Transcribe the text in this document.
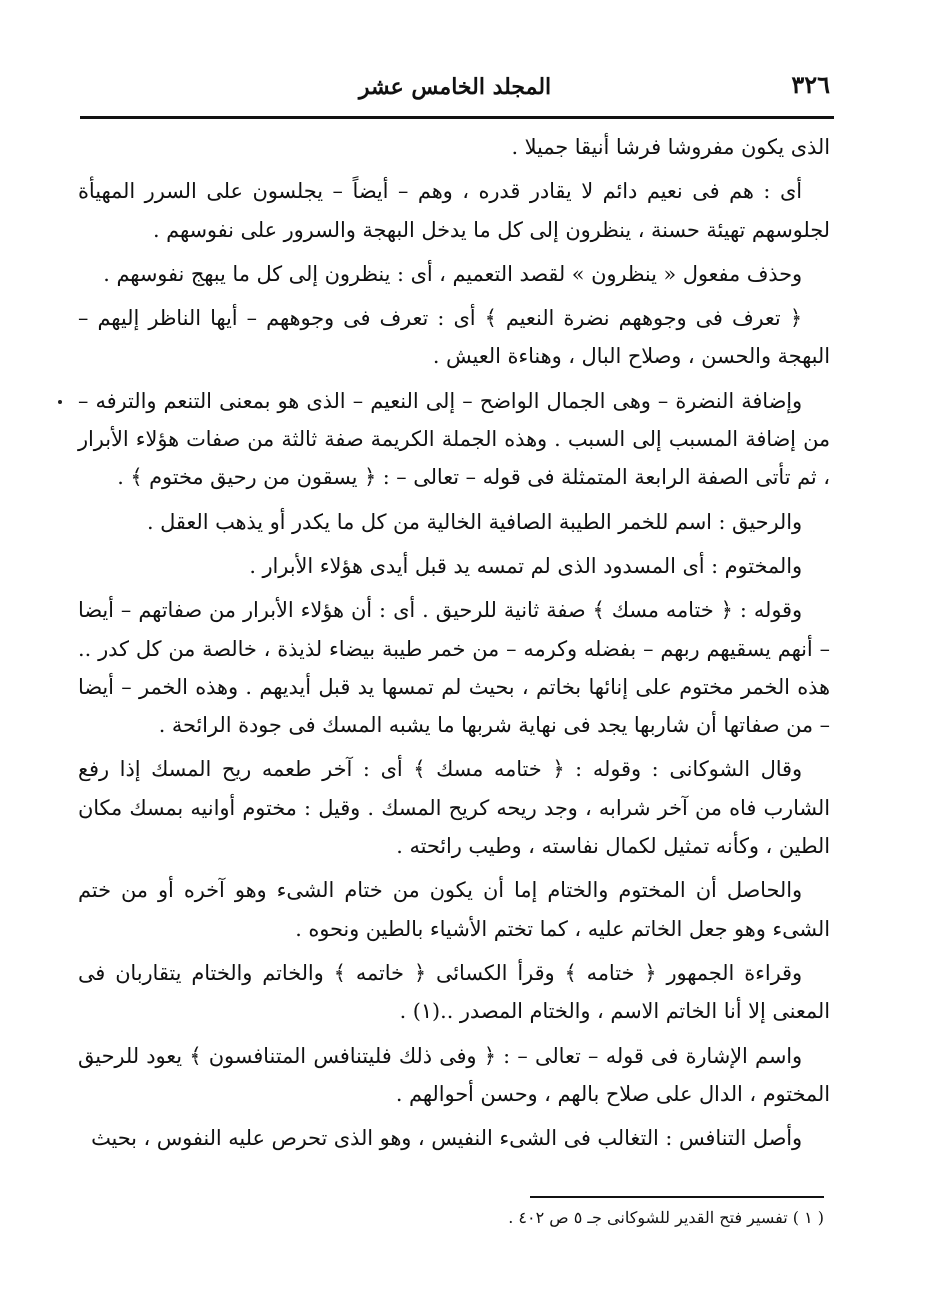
٣٢٦
المجلد الخامس عشر

الذى يكون مفروشا فرشا أنيقا جميلا .

أى : هم فى نعيم دائم لا يقادر قدره ، وهم – أيضاً – يجلسون على السرر المهيأة لجلوسهم تهيئة حسنة ، ينظرون إلى كل ما يدخل البهجة والسرور على نفوسهم .

وحذف مفعول « ينظرون » لقصد التعميم ، أى : ينظرون إلى كل ما يبهج نفوسهم .

﴿ تعرف فى وجوههم نضرة النعيم ﴾ أى : تعرف فى وجوههم – أيها الناظر إليهم – البهجة والحسن ، وصلاح البال ، وهناءة العيش .

وإضافة النضرة – وهى الجمال الواضح – إلى النعيم – الذى هو بمعنى التنعم والترفه – من إضافة المسبب إلى السبب . وهذه الجملة الكريمة صفة ثالثة من صفات هؤلاء الأبرار ، ثم تأتى الصفة الرابعة المتمثلة فى قوله – تعالى – : ﴿ يسقون من رحيق مختوم ﴾ .

والرحيق : اسم للخمر الطيبة الصافية الخالية من كل ما يكدر أو يذهب العقل .

والمختوم : أى المسدود الذى لم تمسه يد قبل أيدى هؤلاء الأبرار .

وقوله : ﴿ ختامه مسك ﴾ صفة ثانية للرحيق . أى : أن هؤلاء الأبرار من صفاتهم – أيضا – أنهم يسقيهم ربهم – بفضله وكرمه – من خمر طيبة بيضاء لذيذة ، خالصة من كل كدر .. هذه الخمر مختوم على إنائها بخاتم ، بحيث لم تمسها يد قبل أيديهم . وهذه الخمر – أيضا – من صفاتها أن شاربها يجد فى نهاية شربها ما يشبه المسك فى جودة الرائحة .

وقال الشوكانى : وقوله : ﴿ ختامه مسك ﴾ أى : آخر طعمه ريح المسك إذا رفع الشارب فاه من آخر شرابه ، وجد ريحه كريح المسك . وقيل : مختوم أوانيه بمسك مكان الطين ، وكأنه تمثيل لكمال نفاسته ، وطيب رائحته .

والحاصل أن المختوم والختام إما أن يكون من ختام الشىء وهو آخره أو من ختم الشىء وهو جعل الخاتم عليه ، كما تختم الأشياء بالطين ونحوه .

وقراءة الجمهور ﴿ ختامه ﴾ وقرأ الكسائى ﴿ خاتمه ﴾ والخاتم والختام يتقاربان فى المعنى إلا أنا الخاتم الاسم ، والختام المصدر ..(١) .

واسم الإشارة فى قوله – تعالى – : ﴿ وفى ذلك فليتنافس المتنافسون ﴾ يعود للرحيق المختوم ، الدال على صلاح بالهم ، وحسن أحوالهم .

وأصل التنافس : التغالب فى الشىء النفيس ، وهو الذى تحرص عليه النفوس ، بحيث

( ١ ) تفسير فتح القدير للشوكانى جـ ٥ ص ٤٠٢ .
